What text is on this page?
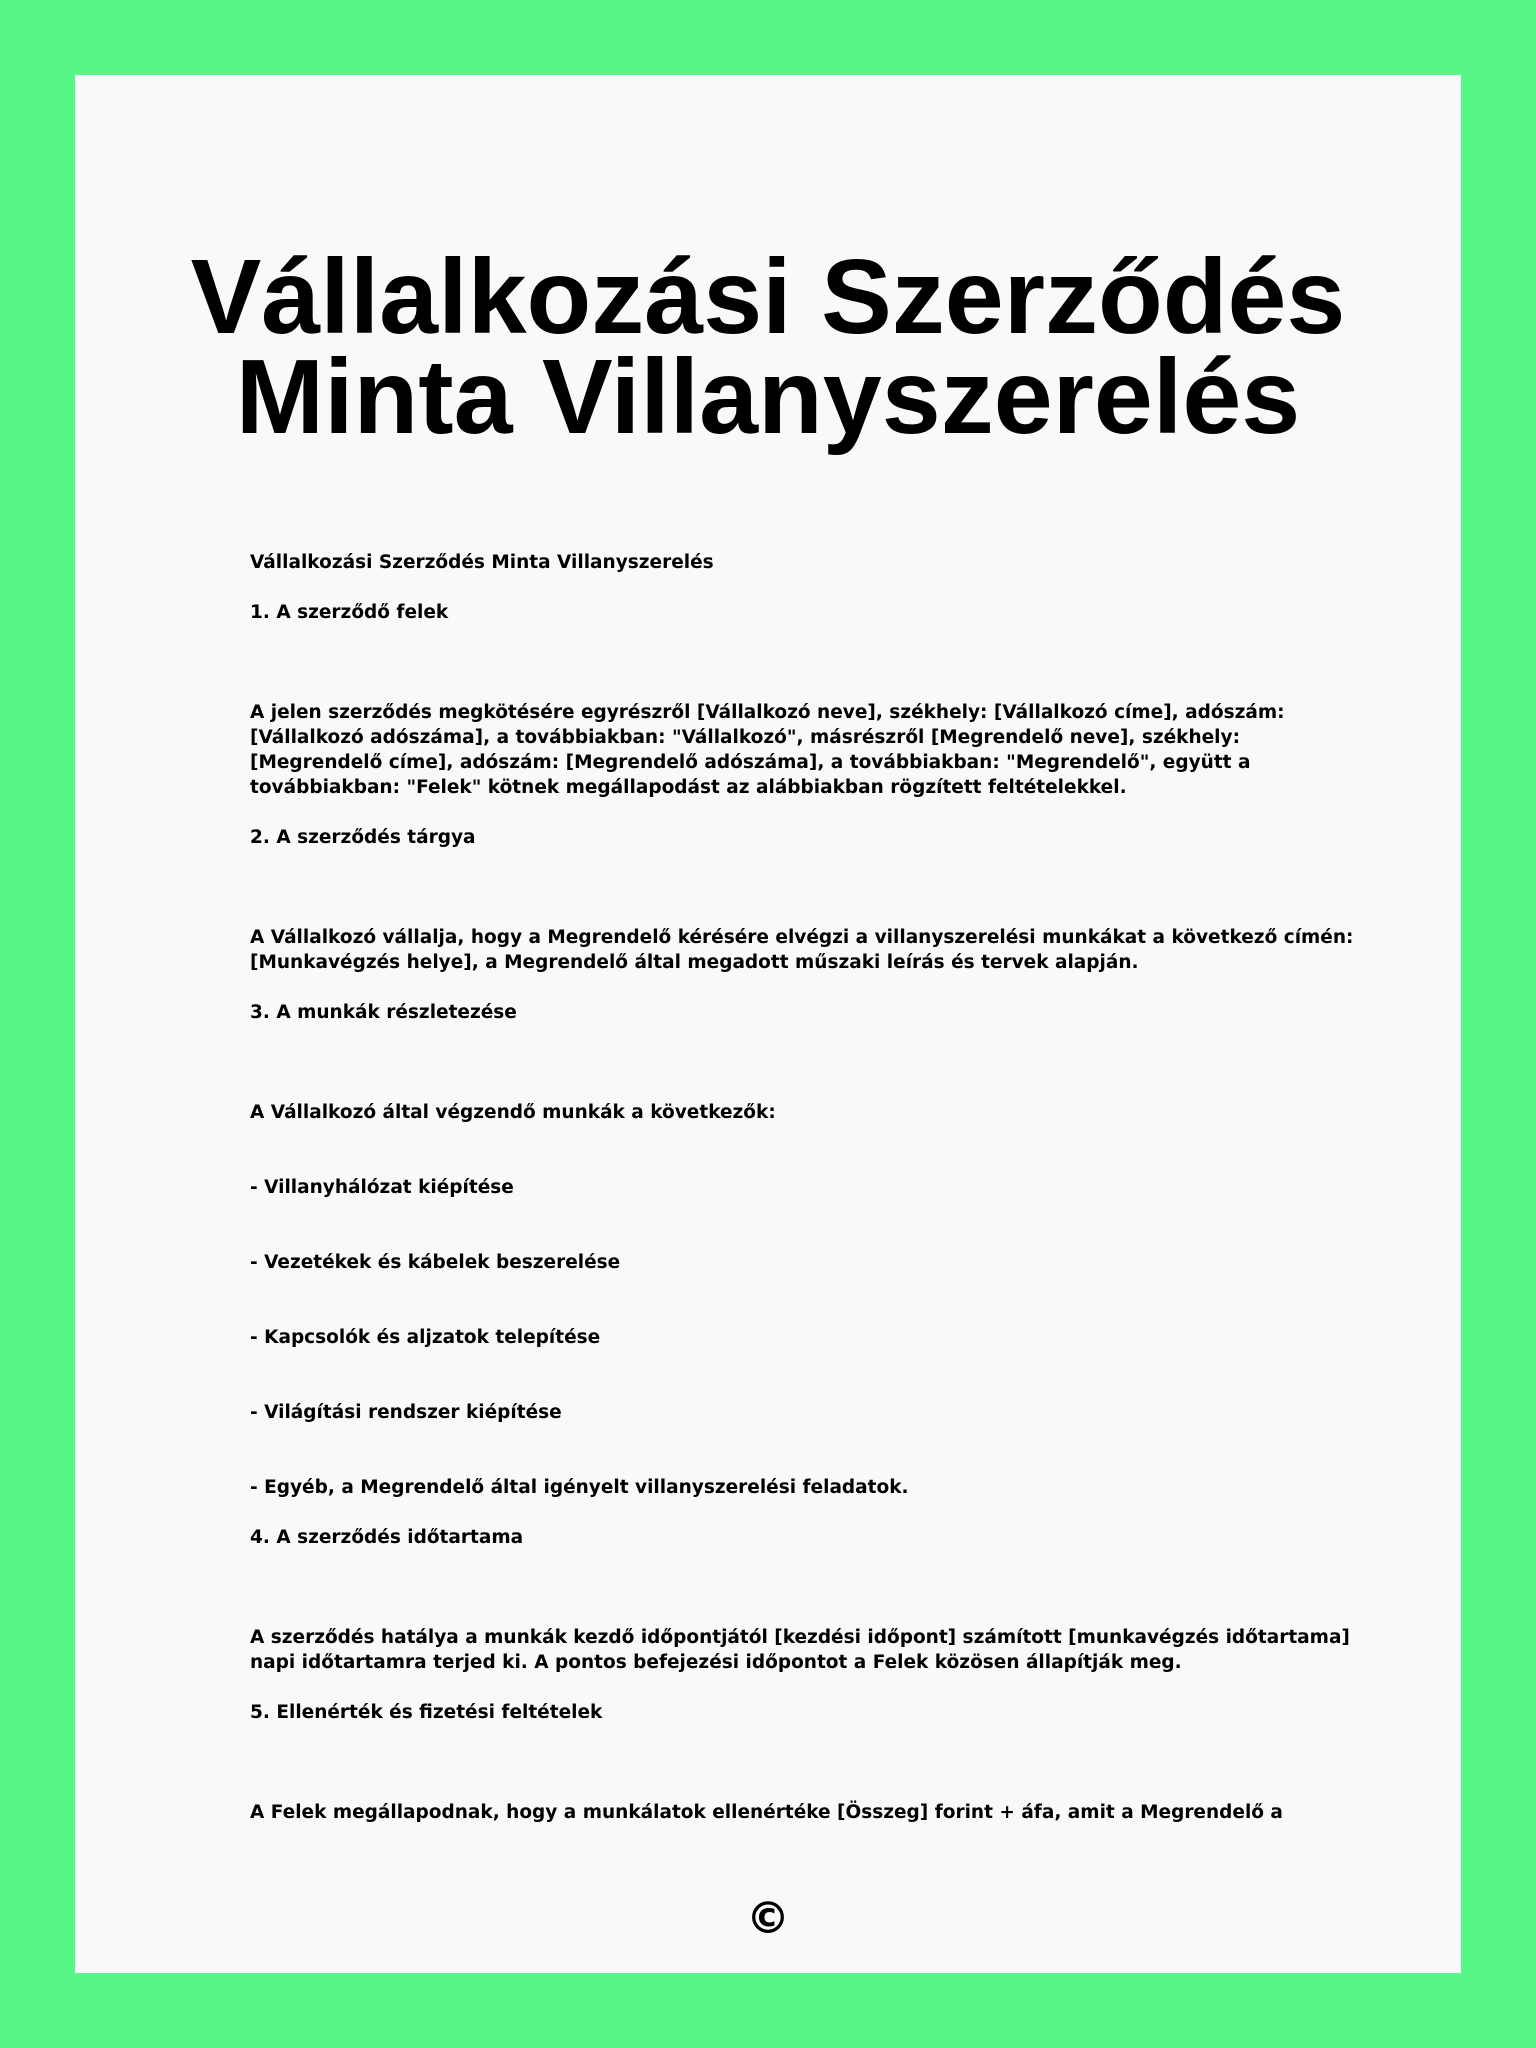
Vállalkozási Szerződés Minta Villanyszerelés

Vállalkozási Szerződés Minta Villanyszerelés

1. A szerződő felek

A jelen szerződés megkötésére egyrészről [Vállalkozó neve], székhely: [Vállalkozó címe], adószám: [Vállalkozó adószáma], a továbbiakban: "Vállalkozó", másrészről [Megrendelő neve], székhely: [Megrendelő címe], adószám: [Megrendelő adószáma], a továbbiakban: "Megrendelő", együtt a továbbiakban: "Felek" kötnek megállapodást az alábbiakban rögzített feltételekkel.

2. A szerződés tárgya

A Vállalkozó vállalja, hogy a Megrendelő kérésére elvégzi a villanyszerelési munkákat a következő címén: [Munkavégzés helye], a Megrendelő által megadott műszaki leírás és tervek alapján.

3. A munkák részletezése

A Vállalkozó által végzendő munkák a következők:

- Villanyhálózat kiépítése

- Vezetékek és kábelek beszerelése

- Kapcsolók és aljzatok telepítése

- Világítási rendszer kiépítése

- Egyéb, a Megrendelő által igényelt villanyszerelési feladatok.

4. A szerződés időtartama

A szerződés hatálya a munkák kezdő időpontjától [kezdési időpont] számított [munkavégzés időtartama] napi időtartamra terjed ki. A pontos befejezési időpontot a Felek közösen állapítják meg.

5. Ellenérték és fizetési feltételek

A Felek megállapodnak, hogy a munkálatok ellenértéke [Összeg] forint + áfa, amit a Megrendelő a

©
